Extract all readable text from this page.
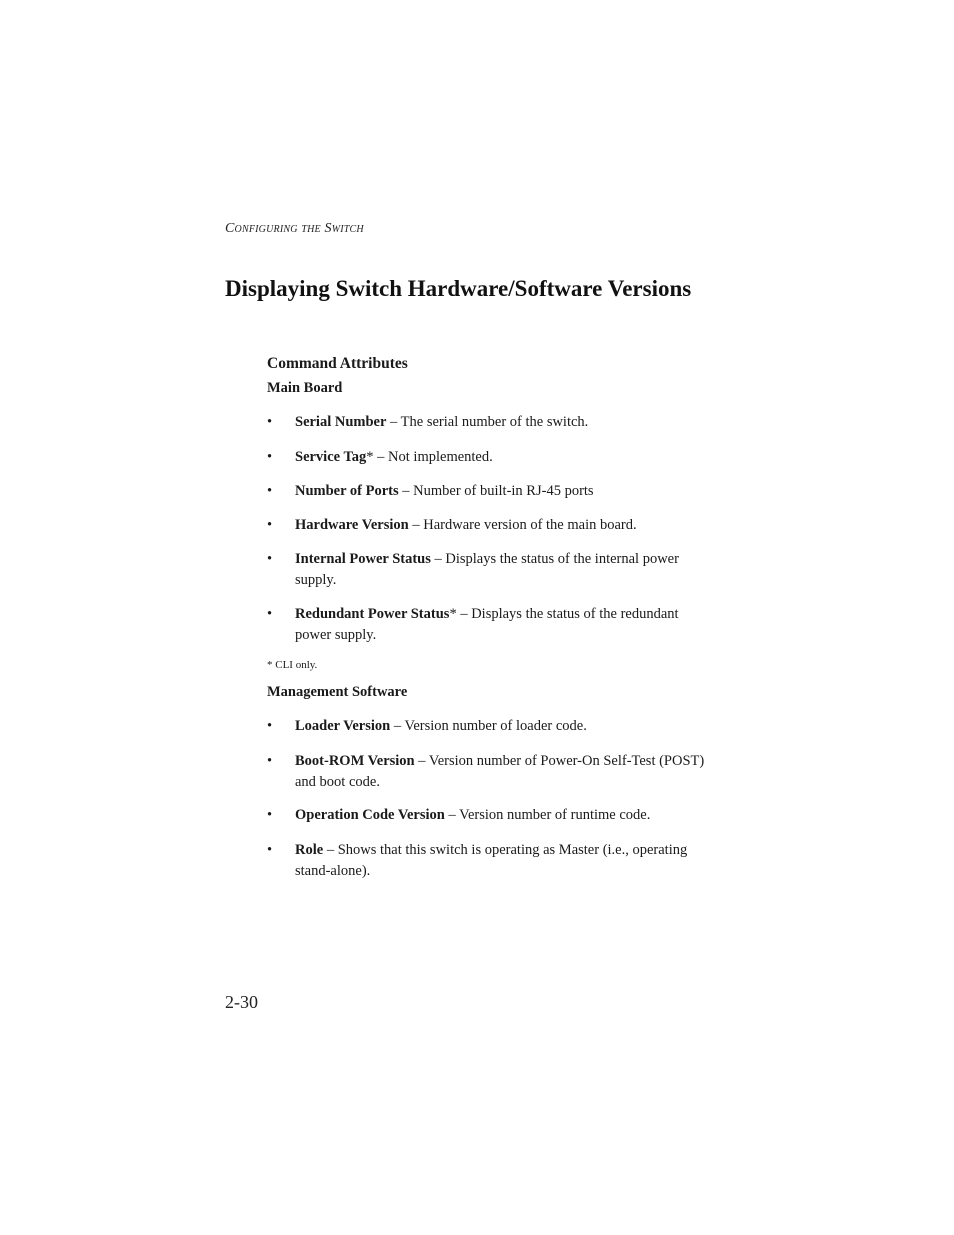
Configuring the Switch
Displaying Switch Hardware/Software Versions
Command Attributes
Main Board
• Serial Number – The serial number of the switch.
• Service Tag* – Not implemented.
• Number of Ports – Number of built-in RJ-45 ports
• Hardware Version – Hardware version of the main board.
• Internal Power Status – Displays the status of the internal power supply.
• Redundant Power Status* – Displays the status of the redundant power supply.

* CLI only.

Management Software
• Loader Version – Version number of loader code.
• Boot-ROM Version – Version number of Power-On Self-Test (POST) and boot code.
• Operation Code Version – Version number of runtime code.
• Role – Shows that this switch is operating as Master (i.e., operating stand-alone).
2-30
